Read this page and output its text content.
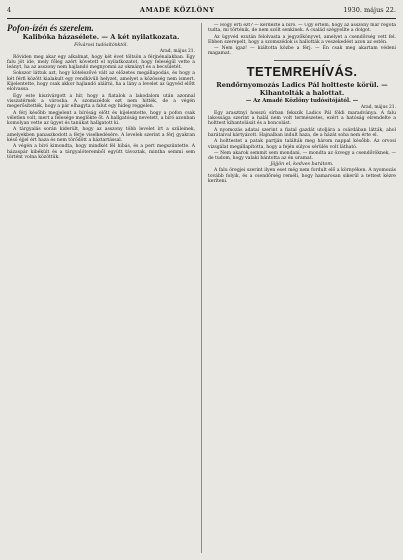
4	AMADÉ KÖZLÖNY	1930. május 22.
Pofon-ízén és szerelem.
Kalibóka házasélete. — A két nyilatkozata.
Fővárosi tudósítónktól.
Arad, május 21.

Röviden meg akar egy alkalmat, hogy két évet töltsön a férjnénalakban. Egy falu jöt ide, mely főleg azért követett el nyilatkozatot, hogy feleségül vette a leányt, ha az asszony nem hajlandó megnyomni az okmányt és a becsületét.

Sokszor láttuk azt, hogy kötelezővé vált az előzetes megállapodás, és hogy a két férfi között kialakult egy rendkívüli helyzet, amelyet a közösség nem ismert. Kijelentette, hogy csak akkor hajlandó aláírni, ha a lány a levelet az ügyvéd előtt elolvassa.

Egy este kiszivárgott a hír, hogy a fiatalok a lakodalom után azonnal visszatérnek a városba. A szomszédok ezt nem hitték, de a végén megerősítették, hogy a pár elhagyta a falut egy hideg reggelen.

A férj később megjelent a bíróság előtt és kijelentette, hogy a pofon csak véletlen volt, mert a felesége meglökte őt. A hallgatóság nevetett, a bíró azonban komolyan vette az ügyet és tanúkat hallgatott ki.

A tárgyalás során kiderült, hogy az asszony több levelet írt a szüleinek, amelyekben panaszkodott a férje viselkedésére. A levelek szerint a férj gyakran késő éjjel ért haza és nem törődött a háztartással.

A végén a bíró kimondta, hogy mindkét fél hibás, és a pert megszüntette. A házaspár kibékült és a tárgyalóteremből együtt távoztak, mintha semmi sem történt volna közöttük.

— Hogy érti ezt? — kérdezte a bíró. — Úgy értem, hogy az asszony már régóta tudta, mi történik, de nem szólt senkinek. A család szégyellte a dolgot.

Az ügyvéd ezután felolvasta a jegyzőkönyvet, amelyet a csendőrség vett fel. Ebben szerepelt, hogy a szomszédok is hallották a veszekedést azon az estén.

— Nem igaz! — kiáltotta közbe a férj. — Én csak meg akartam védeni magamat.

TETEMREHÍVÁS.
Rendőrnyomozás Ladics Pál holtteste körül. — Kihantolták a halottat.
— Az Amadé Közlöny tudósítójától. —
Arad, május 21.

Egy arasztnyi hosszú sírban fekszik Ladics Pál földi maradványa. A falu lakossága szerint a halál nem volt természetes, ezért a hatóság elrendelte a holttest kihantolását és a boncolást.

A nyomozás adatai szerint a fiatal gazdát utoljára a csárdában látták, ahol barátaival kártyázott. Hajnalban indult haza, de a házát soha nem érte el.

A holttestet a patak partján találták meg három nappal később. Az orvosi vizsgálat megállapította, hogy a fején súlyos sérülés volt látható.

— Nem akarok semmit sem mondani, — mondta az özvegy a csendőröknek, — de tudom, hogy valaki bántotta az én uramat.

Jöjjön el, kedves barátom.

A falu öregjei szerint ilyen eset még nem fordult elő a környéken. A nyomozás tovább folyik, és a csendőrség reméli, hogy hamarosan sikerül a tettest kézre keríteni.
